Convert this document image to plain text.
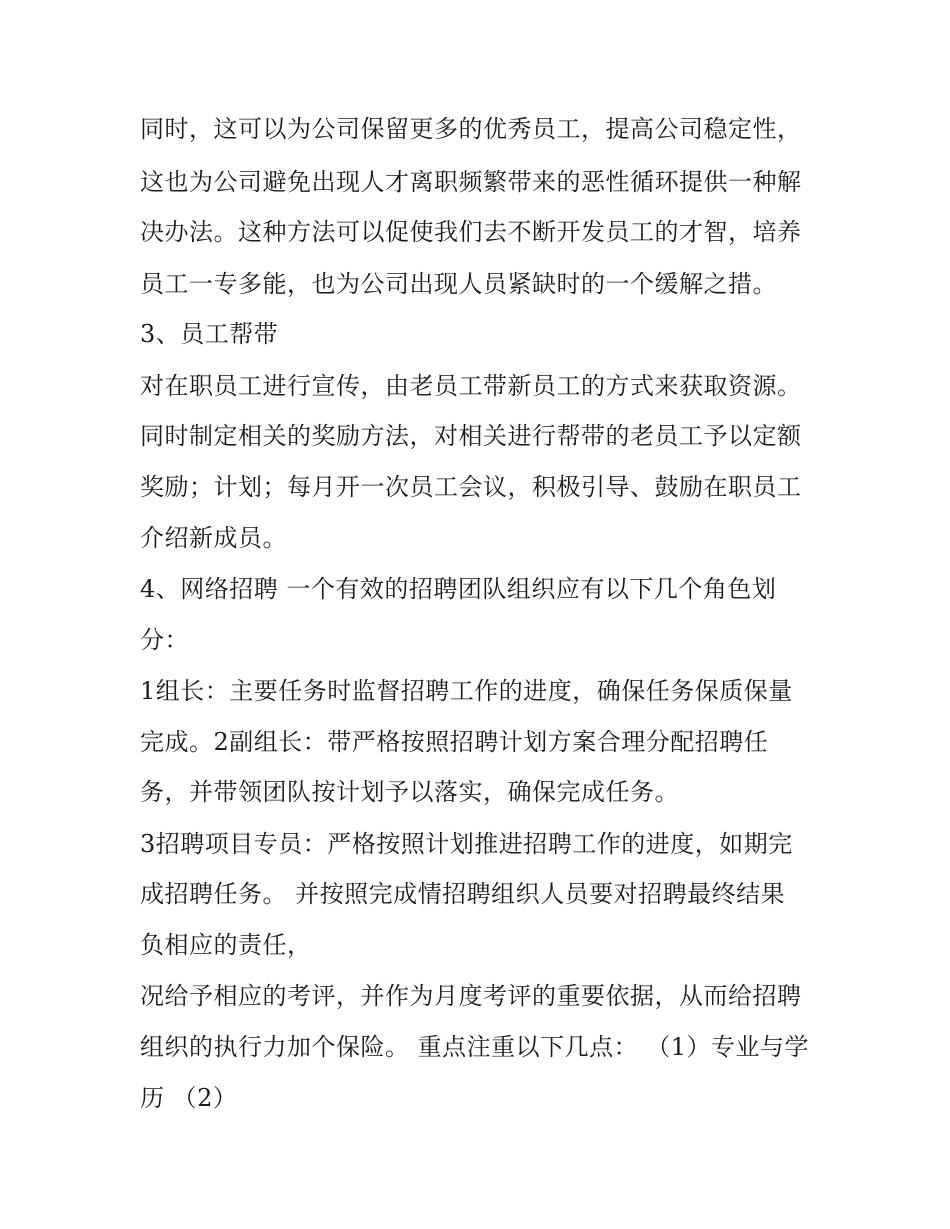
同时，这可以为公司保留更多的优秀员工，提高公司稳定性，
这也为公司避免出现人才离职频繁带来的恶性循环提供一种解
决办法。这种方法可以促使我们去不断开发员工的才智，培养
员工一专多能，也为公司出现人员紧缺时的一个缓解之措。
3、员工帮带
对在职员工进行宣传，由老员工带新员工的方式来获取资源。
同时制定相关的奖励方法，对相关进行帮带的老员工予以定额
奖励；计划；每月开一次员工会议，积极引导、鼓励在职员工
介绍新成员。
4、网络招聘 一个有效的招聘团队组织应有以下几个角色划
分：
1组长：主要任务时监督招聘工作的进度，确保任务保质保量
完成。2副组长：带严格按照招聘计划方案合理分配招聘任
务，并带领团队按计划予以落实，确保完成任务。
3招聘项目专员：严格按照计划推进招聘工作的进度，如期完
成招聘任务。 并按照完成情招聘组织人员要对招聘最终结果
负相应的责任，
况给予相应的考评，并作为月度考评的重要依据，从而给招聘
组织的执行力加个保险。 重点注重以下几点： （1）专业与学
历 （2）
